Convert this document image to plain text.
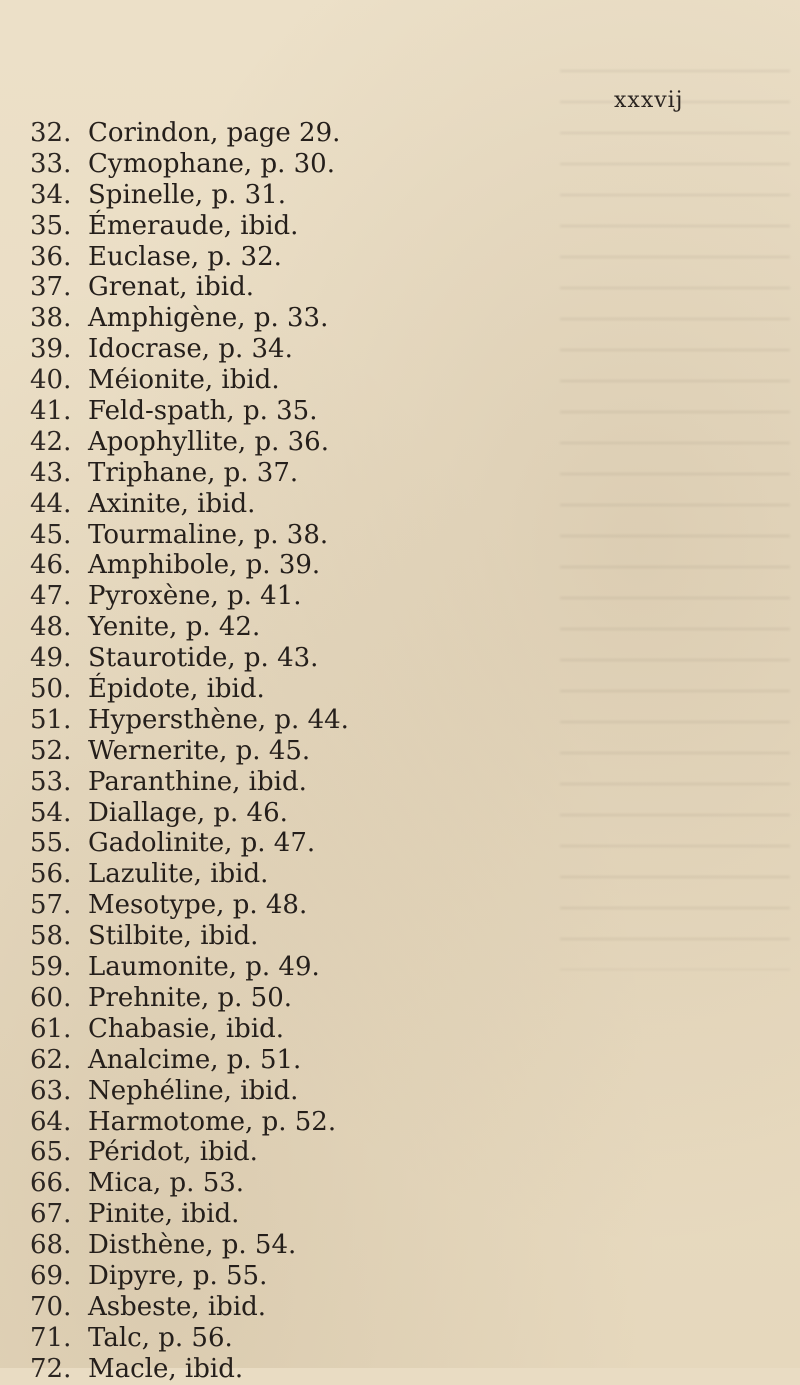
xxxvij
32. Corindon, page 29.
33. Cymophane, p. 30.
34. Spinelle, p. 31.
35. Émeraude, ibid.
36. Euclase, p. 32.
37. Grenat, ibid.
38. Amphigène, p. 33.
39. Idocrase, p. 34.
40. Méionite, ibid.
41. Feld-spath, p. 35.
42. Apophyllite, p. 36.
43. Triphane, p. 37.
44. Axinite, ibid.
45. Tourmaline, p. 38.
46. Amphibole, p. 39.
47. Pyroxène, p. 41.
48. Yenite, p. 42.
49. Staurotide, p. 43.
50. Épidote, ibid.
51. Hypersthène, p. 44.
52. Wernerite, p. 45.
53. Paranthine, ibid.
54. Diallage, p. 46.
55. Gadolinite, p. 47.
56. Lazulite, ibid.
57. Mesotype, p. 48.
58. Stilbite, ibid.
59. Laumonite, p. 49.
60. Prehnite, p. 50.
61. Chabasie, ibid.
62. Analcime, p. 51.
63. Nephéline, ibid.
64. Harmotome, p. 52.
65. Péridot, ibid.
66. Mica, p. 53.
67. Pinite, ibid.
68. Disthène, p. 54.
69. Dipyre, p. 55.
70. Asbeste, ibid.
71. Talc, p. 56.
72. Macle, ibid.
